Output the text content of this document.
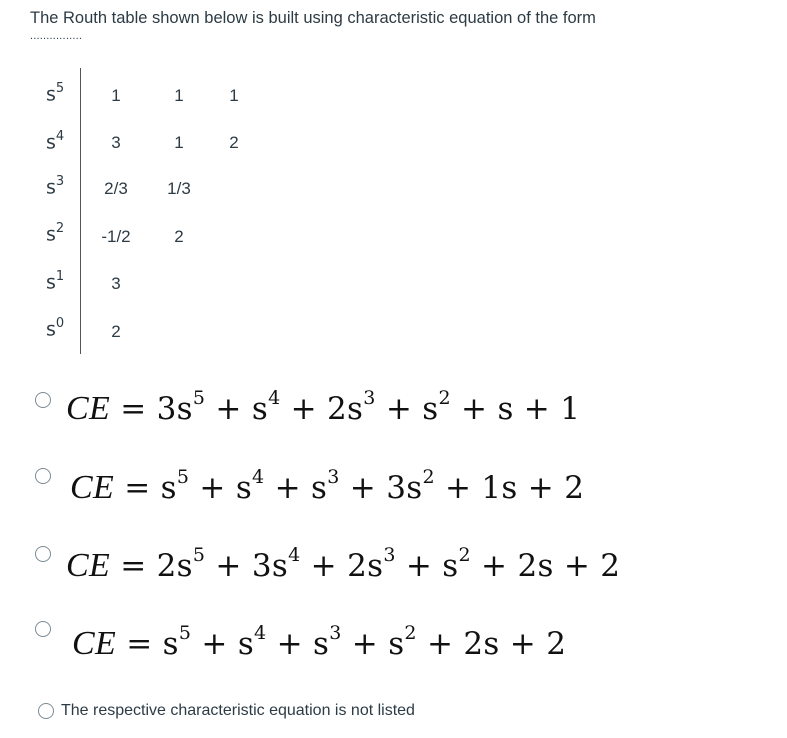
The Routh table shown below is built using characteristic equation of the form
................
$s^5$	1	1	1
$s^4$	3	1	2
$s^3$	2/3	1/3
$s^2$	-1/2	2
$s^1$	3
$s^0$	2
CE = $3s^5 + s^4 + 2s^3 + s^2 + s + 1$
CE = $s^5 + s^4 + s^3 + 3s^2 + 1s + 2$
CE = $2s^5 + 3s^4 + 2s^3 + s^2 + 2s + 2$
CE = $s^5 + s^4 + s^3 + s^2 + 2s + 2$
The respective characteristic equation is not listed
